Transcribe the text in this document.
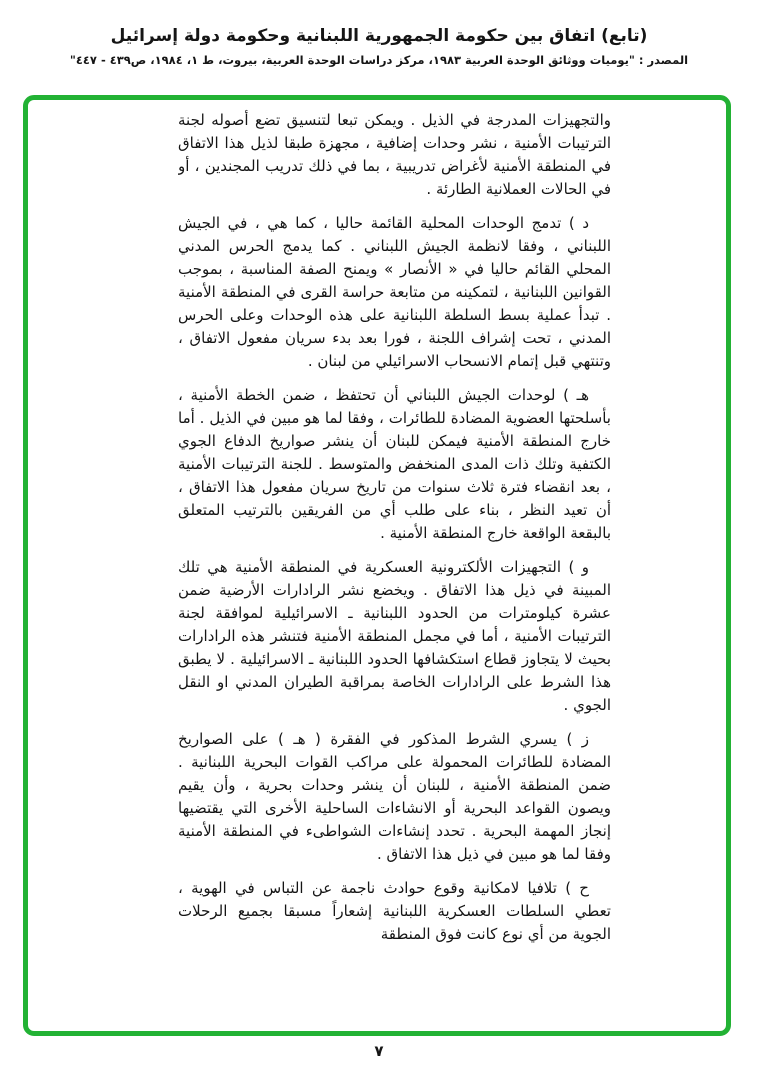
(تابع) اتفاق بين حكومة الجمهورية اللبنانية وحكومة دولة إسرائيل
المصدر : "يوميات ووثائق الوحدة العربية ١٩٨٣، مركز دراسات الوحدة العربية، بيروت، ط ١، ١٩٨٤، ص٤٣٩ - ٤٤٧"

والتجهيزات المدرجة في الذيل . ويمكن تبعا لتنسيق تضع أصوله لجنة الترتيبات الأمنية ، نشر وحدات إضافية ، مجهزة طبقا لذيل هذا الاتفاق في المنطقة الأمنية لأغراض تدريبية ، بما في ذلك تدريب المجندين ، أو في الحالات العملانية الطارئة .

د ) تدمج الوحدات المحلية القائمة حاليا ، كما هي ، في الجيش اللبناني ، وفقا لانظمة الجيش اللبناني . كما يدمج الحرس المدني المحلي القائم حاليا في « الأنصار » ويمنح الصفة المناسبة ، بموجب القوانين اللبنانية ، لتمكينه من متابعة حراسة القرى في المنطقة الأمنية . تبدأ عملية بسط السلطة اللبنانية على هذه الوحدات وعلى الحرس المدني ، تحت إشراف اللجنة ، فورا بعد بدء سريان مفعول الاتفاق ، وتنتهي قبل إتمام الانسحاب الاسرائيلي من لبنان .

هـ ) لوحدات الجيش اللبناني أن تحتفظ ، ضمن الخطة الأمنية ، بأسلحتها العضوية المضادة للطائرات ، وفقا لما هو مبين في الذيل . أما خارج المنطقة الأمنية فيمكن للبنان أن ينشر صواريخ الدفاع الجوي الكتفية وتلك ذات المدى المنخفض والمتوسط . للجنة الترتيبات الأمنية ، بعد انقضاء فترة ثلاث سنوات من تاريخ سريان مفعول هذا الاتفاق ، أن تعيد النظر ، بناء على طلب أي من الفريقين بالترتيب المتعلق بالبقعة الواقعة خارج المنطقة الأمنية .

و ) التجهيزات الألكترونية العسكرية في المنطقة الأمنية هي تلك المبينة في ذيل هذا الاتفاق . ويخضع نشر الرادارات الأرضية ضمن عشرة كيلومترات من الحدود اللبنانية ـ الاسرائيلية لموافقة لجنة الترتيبات الأمنية ، أما في مجمل المنطقة الأمنية فتنشر هذه الرادارات بحيث لا يتجاوز قطاع استكشافها الحدود اللبنانية ـ الاسرائيلية . لا يطبق هذا الشرط على الرادارات الخاصة بمراقبة الطيران المدني او النقل الجوي .

ز ) يسري الشرط المذكور في الفقرة ( هـ ) على الصواريخ المضادة للطائرات المحمولة على مراكب القوات البحرية اللبنانية . ضمن المنطقة الأمنية ، للبنان أن ينشر وحدات بحرية ، وأن يقيم ويصون القواعد البحرية أو الانشاءات الساحلية الأخرى التي يقتضيها إنجاز المهمة البحرية . تحدد إنشاءات الشواطىء في المنطقة الأمنية وفقا لما هو مبين في ذيل هذا الاتفاق .

ح ) تلافيا لامكانية وقوع حوادث ناجمة عن التباس في الهوية ، تعطي السلطات العسكرية اللبنانية إشعاراً مسبقا بجميع الرحلات الجوية من أي نوع كانت فوق المنطقة

٧
